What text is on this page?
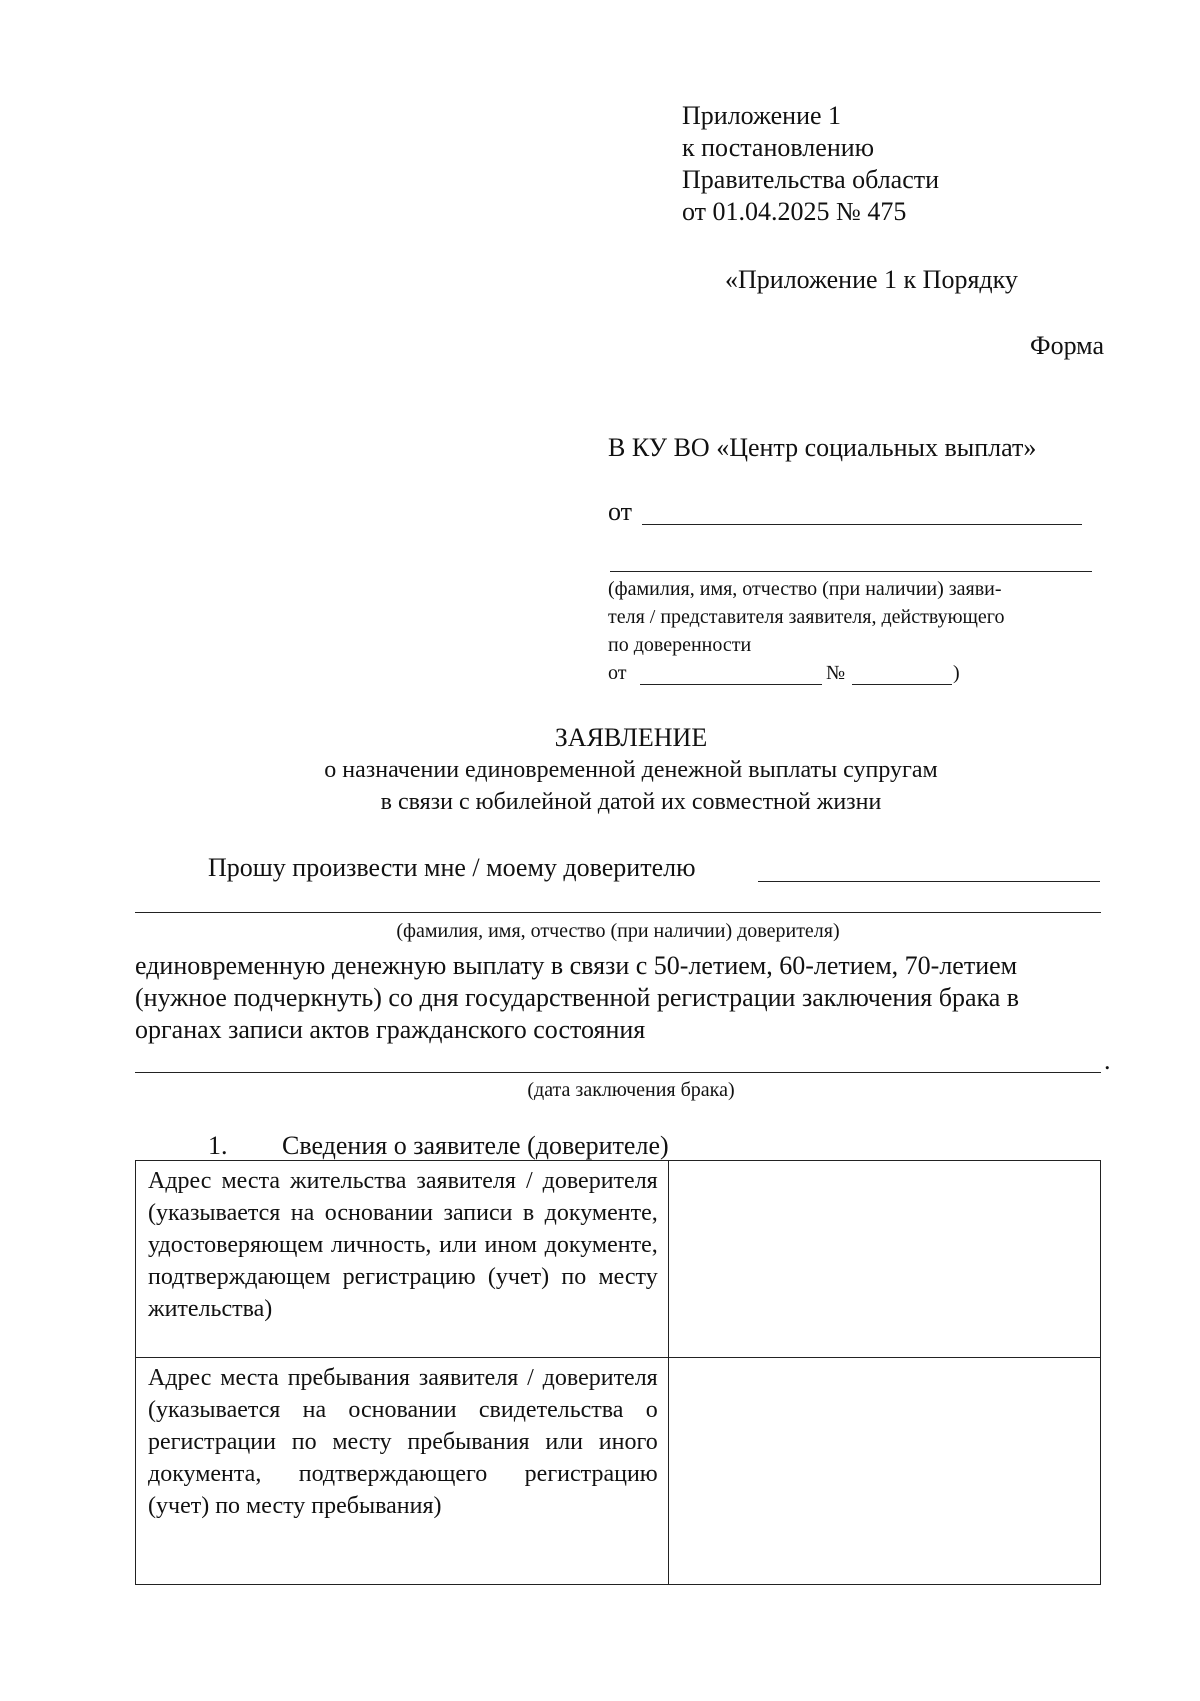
Приложение 1
к постановлению
Правительства области
от 01.04.2025 № 475
«Приложение 1 к Порядку
Форма
В КУ ВО «Центр социальных выплат»
от
(фамилия, имя, отчество (при наличии) заяви-
теля / представителя заявителя, действующего
по доверенности
от	№	)
ЗАЯВЛЕНИЕ
о назначении единовременной денежной выплаты супругам
в связи с юбилейной датой их совместной жизни
Прошу произвести мне / моему доверителю
(фамилия, имя, отчество (при наличии) доверителя)
единовременную денежную выплату в связи с 50-летием, 60-летием, 70-летием
(нужное подчеркнуть) со дня государственной регистрации заключения брака в
органах записи актов гражданского состояния
.
(дата заключения брака)
1. Сведения о заявителе (доверителе)
Адрес места жительства заявителя / доверителя (указывается на основании записи в документе, удостоверяющем личность, или ином документе, подтверждающем регистрацию (учет) по месту жительства)	

Адрес места пребывания заявителя / доверителя (указывается на основании свидетельства о регистрации по месту пребывания или иного документа, подтверждающего регистрацию (учет) по месту пребывания)	
